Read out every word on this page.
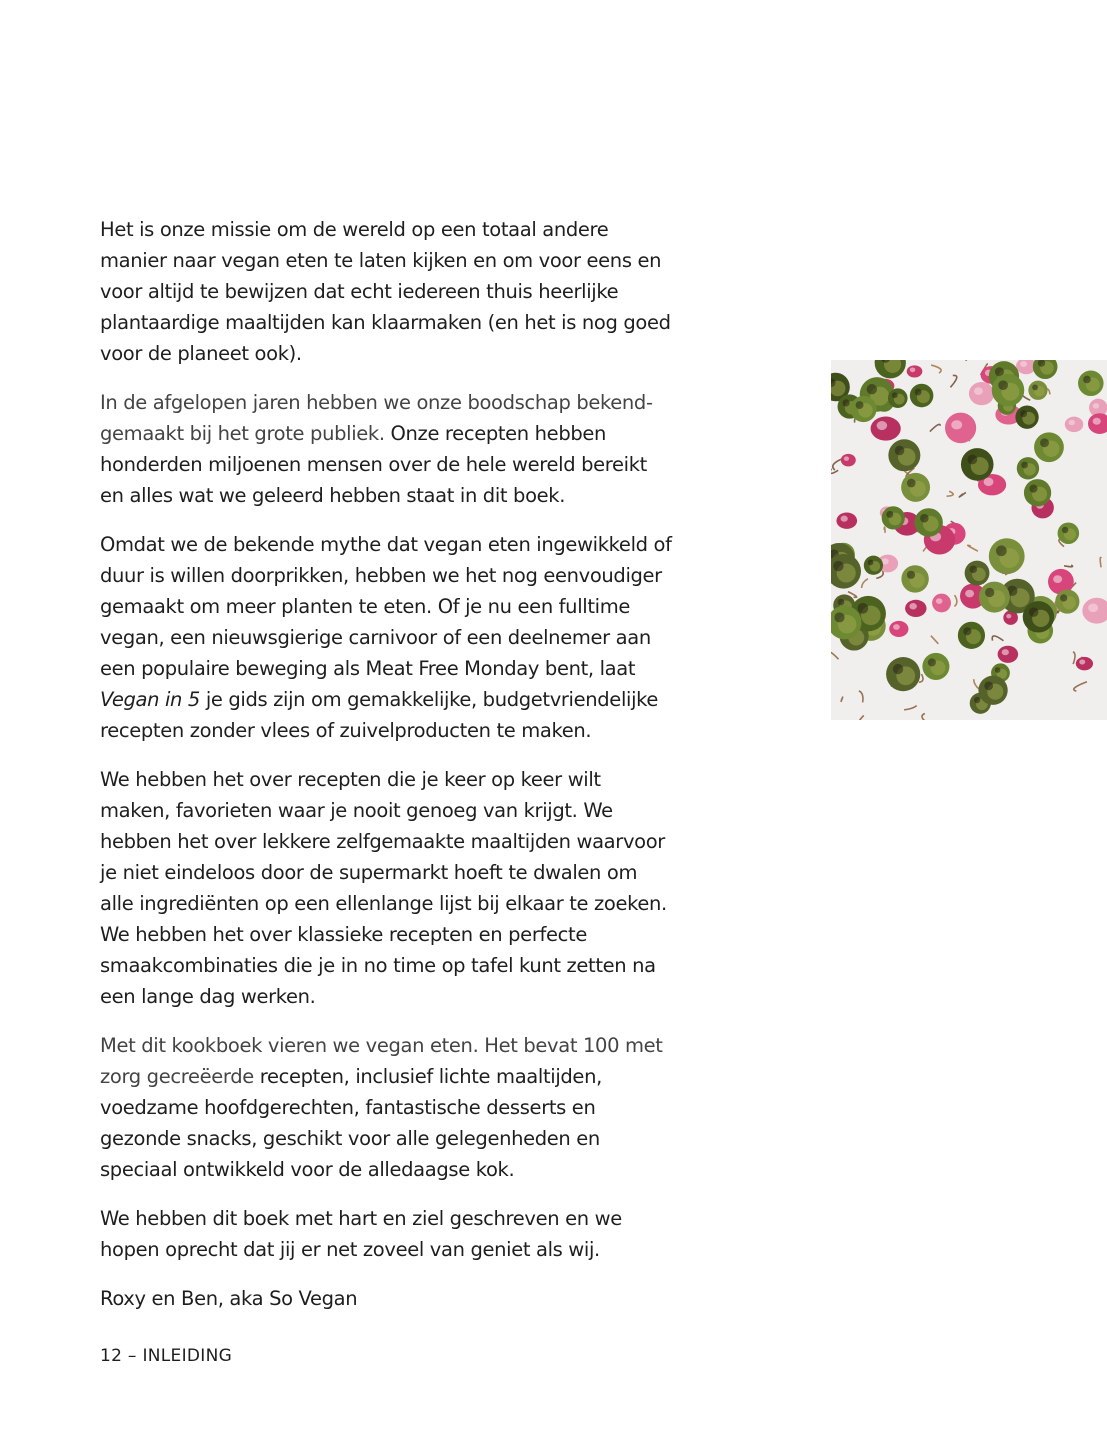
Het is onze missie om de wereld op een totaal andere manier naar vegan eten te laten kijken en om voor eens en voor altijd te bewijzen dat echt iedereen thuis heerlijke plantaardige maaltijden kan klaarmaken (en het is nog goed voor de planeet ook).

In de afgelopen jaren hebben we onze boodschap bekendgemaakt bij het grote publiek. Onze recepten hebben honderden miljoenen mensen over de hele wereld bereikt en alles wat we geleerd hebben staat in dit boek.

Omdat we de bekende mythe dat vegan eten ingewikkeld of duur is willen doorprikken, hebben we het nog eenvoudiger gemaakt om meer planten te eten. Of je nu een fulltime vegan, een nieuwsgierige carnivoor of een deelnemer aan een populaire beweging als Meat Free Monday bent, laat Vegan in 5 je gids zijn om gemakkelijke, budgetvriendelijke recepten zonder vlees of zuivelproducten te maken.

We hebben het over recepten die je keer op keer wilt maken, favorieten waar je nooit genoeg van krijgt. We hebben het over lekkere zelfgemaakte maaltijden waarvoor je niet eindeloos door de supermarkt hoeft te dwalen om alle ingrediënten op een ellenlange lijst bij elkaar te zoeken. We hebben het over klassieke recepten en perfecte smaakcombinaties die je in no time op tafel kunt zetten na een lange dag werken.

Met dit kookboek vieren we vegan eten. Het bevat 100 met zorg gecreëerde recepten, inclusief lichte maaltijden, voedzame hoofdgerechten, fantastische desserts en gezonde snacks, geschikt voor alle gelegenheden en speciaal ontwikkeld voor de alledaagse kok.

We hebben dit boek met hart en ziel geschreven en we hopen oprecht dat jij er net zoveel van geniet als wij.

Roxy en Ben, aka So Vegan

12 – INLEIDING
